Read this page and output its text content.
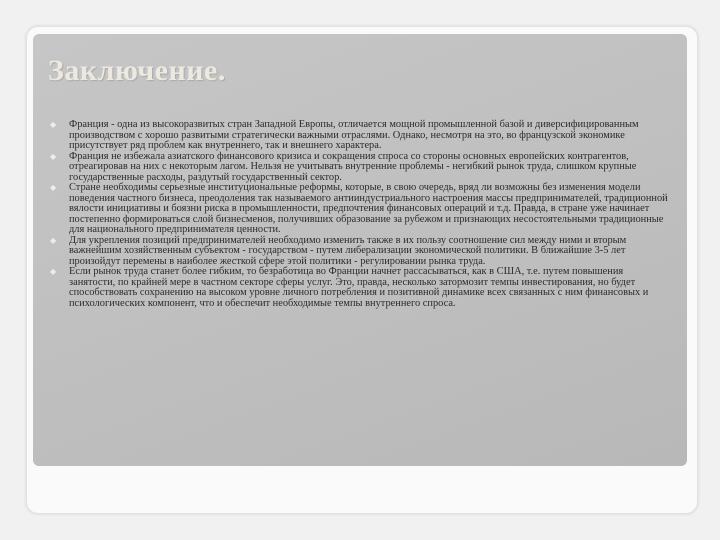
Заключение.
◆ Франция - одна из высокоразвитых стран Западной Европы, отличается мощной промышленной базой и диверсифицированным производством с хорошо развитыми стратегически важными отраслями. Однако, несмотря на это, во французской экономике присутствует ряд проблем как внутреннего, так и внешнего характера.
◆ Франция не избежала азиатского финансового кризиса и сокращения спроса со стороны основных европейских контрагентов, отреагировав на них с некоторым лагом. Нельзя не учитывать внутренние проблемы - негибкий рынок труда, слишком крупные государственные расходы, раздутый государственный сектор.
◆ Стране необходимы серьезные институциональные реформы, которые, в свою очередь, вряд ли возможны без изменения модели поведения частного бизнеса, преодоления так называемого антииндустриального настроения массы предпринимателей, традиционной вялости инициативы и боязни риска в промышленности, предпочтения финансовых операций и т.д. Правда, в стране уже начинает постепенно формироваться слой бизнесменов, получивших образование за рубежом и признающих несостоятельными традиционные для национального предпринимателя ценности.
◆ Для укрепления позиций предпринимателей необходимо изменить также в их пользу соотношение сил между ними и вторым важнейшим хозяйственным субъектом - государством - путем либерализации экономической политики. В ближайшие 3-5 лет произойдут перемены в наиболее жесткой сфере этой политики - регулировании рынка труда.
◆ Если рынок труда станет более гибким, то безработица во Франции начнет рассасываться, как в США, т.е. путем повышения занятости, по крайней мере в частном секторе сферы услуг. Это, правда, несколько затормозит темпы инвестирования, но будет способствовать сохранению на высоком уровне личного потребления и позитивной динамике всех связанных с ним финансовых и психологических компонент, что и обеспечит необходимые темпы внутреннего спроса.
